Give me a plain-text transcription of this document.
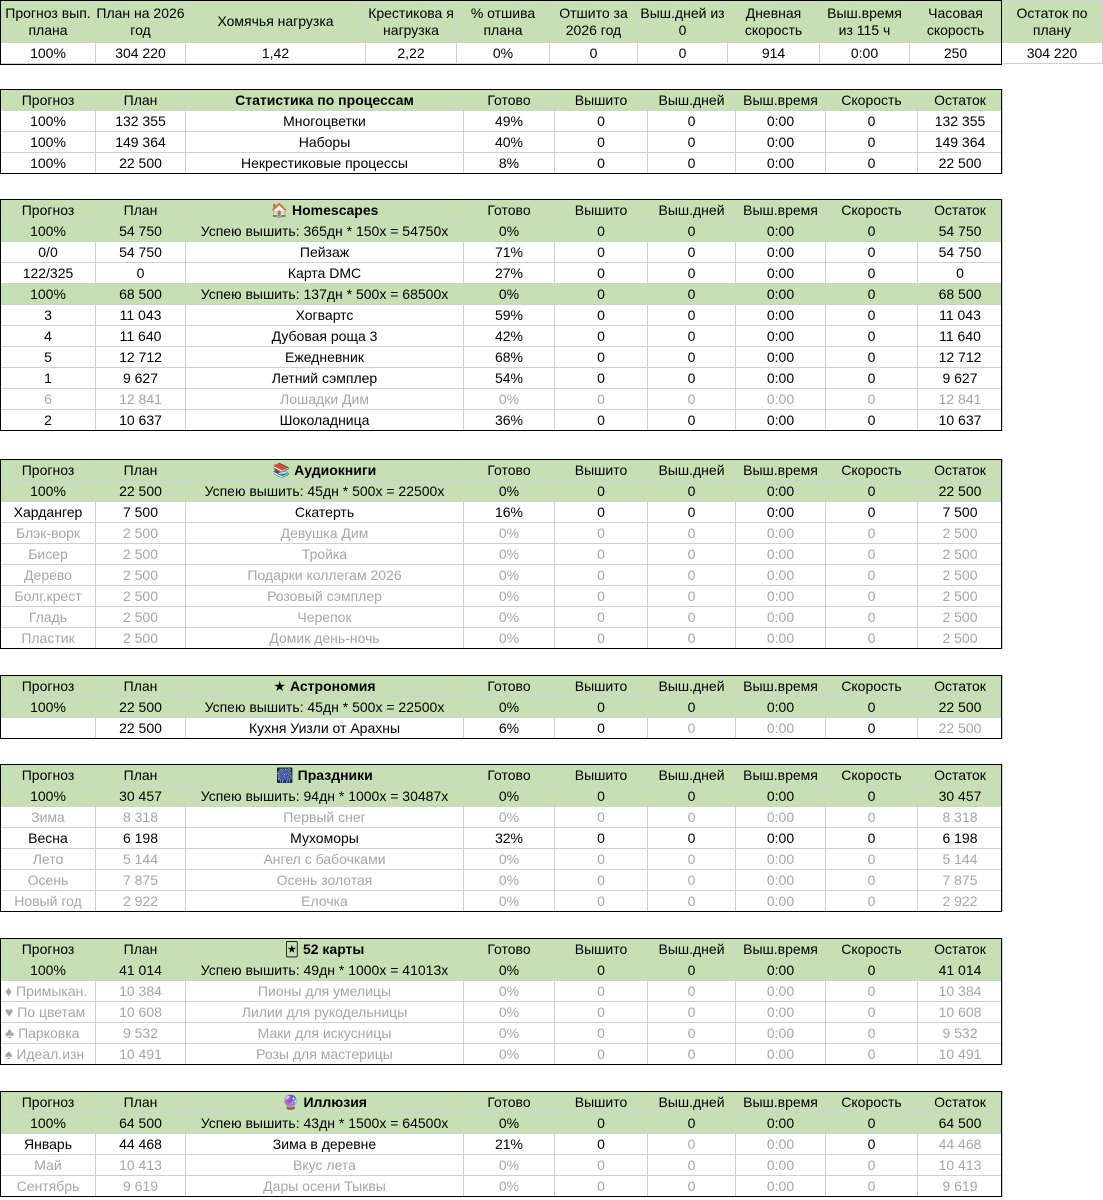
Прогноз вып. плана	План на 2026 год	Хомячья нагрузка	Крестикова я нагрузка	% отшива плана	Отшито за 2026 год	Выш.дней из 0	Дневная скорость	Выш.время из 115 ч	Часовая скорость	Остаток по плану
100%	304 220	1,42	2,22	0%	0	0	914	0:00	250	304 220
Прогноз	План	Статистика по процессам	Готово	Вышито	Выш.дней	Выш.время	Скорость	Остаток
100%	132 355	Многоцветки	49%	0	0	0:00	0	132 355
100%	149 364	Наборы	40%	0	0	0:00	0	149 364
100%	22 500	Некрестиковые процессы	8%	0	0	0:00	0	22 500
Прогноз	План	🏠 Homescapes	Готово	Вышито	Выш.дней	Выш.время	Скорость	Остаток
100%	54 750	Успею вышить: 365дн * 150х = 54750х	0%	0	0	0:00	0	54 750
0/0	54 750	Пейзаж	71%	0	0	0:00	0	54 750
122/325	0	Карта DMC	27%	0	0	0:00	0	0
100%	68 500	Успею вышить: 137дн * 500х = 68500х	0%	0	0	0:00	0	68 500
3	11 043	Хогвартс	59%	0	0	0:00	0	11 043
4	11 640	Дубовая роща 3	42%	0	0	0:00	0	11 640
5	12 712	Ежедневник	68%	0	0	0:00	0	12 712
1	9 627	Летний сэмплер	54%	0	0	0:00	0	9 627
6	12 841	Лошадки Дим	0%	0	0	0:00	0	12 841
2	10 637	Шоколадница	36%	0	0	0:00	0	10 637
Прогноз	План	📚 Аудиокниги	Готово	Вышито	Выш.дней	Выш.время	Скорость	Остаток
100%	22 500	Успею вышить: 45дн * 500х = 22500х	0%	0	0	0:00	0	22 500
Хардангер	7 500	Скатерть	16%	0	0	0:00	0	7 500
Блэк-ворк	2 500	Девушка Дим	0%	0	0	0:00	0	2 500
Бисер	2 500	Тройка	0%	0	0	0:00	0	2 500
Дерево	2 500	Подарки коллегам 2026	0%	0	0	0:00	0	2 500
Болг.крест	2 500	Розовый сэмплер	0%	0	0	0:00	0	2 500
Гладь	2 500	Черепок	0%	0	0	0:00	0	2 500
Пластик	2 500	Домик день-ночь	0%	0	0	0:00	0	2 500
Прогноз	План	★ Астрономия	Готово	Вышито	Выш.дней	Выш.время	Скорость	Остаток
100%	22 500	Успею вышить: 45дн * 500х = 22500х	0%	0	0	0:00	0	22 500
	22 500	Кухня Уизли от Арахны	6%	0	0	0:00	0	22 500
Прогноз	План	🎆 Праздники	Готово	Вышито	Выш.дней	Выш.время	Скорость	Остаток
100%	30 457	Успею вышить: 94дн * 1000х = 30487х	0%	0	0	0:00	0	30 457
Зима	8 318	Первый снег	0%	0	0	0:00	0	8 318
Весна	6 198	Мухоморы	32%	0	0	0:00	0	6 198
Лето	5 144	Ангел с бабочками	0%	0	0	0:00	0	5 144
Осень	7 875	Осень золотая	0%	0	0	0:00	0	7 875
Новый год	2 922	Елочка	0%	0	0	0:00	0	2 922
Прогноз	План	🃏 52 карты	Готово	Вышито	Выш.дней	Выш.время	Скорость	Остаток
100%	41 014	Успею вышить: 49дн * 1000х = 41013х	0%	0	0	0:00	0	41 014
♦ Примыкан.	10 384	Пионы для умелицы	0%	0	0	0:00	0	10 384
♥ По цветам	10 608	Лилии для рукодельницы	0%	0	0	0:00	0	10 608
♣ Парковка	9 532	Маки для искусницы	0%	0	0	0:00	0	9 532
♠ Идеал.изн	10 491	Розы для мастерицы	0%	0	0	0:00	0	10 491
Прогноз	План	🔮 Иллюзия	Готово	Вышито	Выш.дней	Выш.время	Скорость	Остаток
100%	64 500	Успею вышить: 43дн * 1500х = 64500х	0%	0	0	0:00	0	64 500
Январь	44 468	Зима в деревне	21%	0	0	0:00	0	44 468
Май	10 413	Вкус лета	0%	0	0	0:00	0	10 413
Сентябрь	9 619	Дары осени Тыквы	0%	0	0	0:00	0	9 619
